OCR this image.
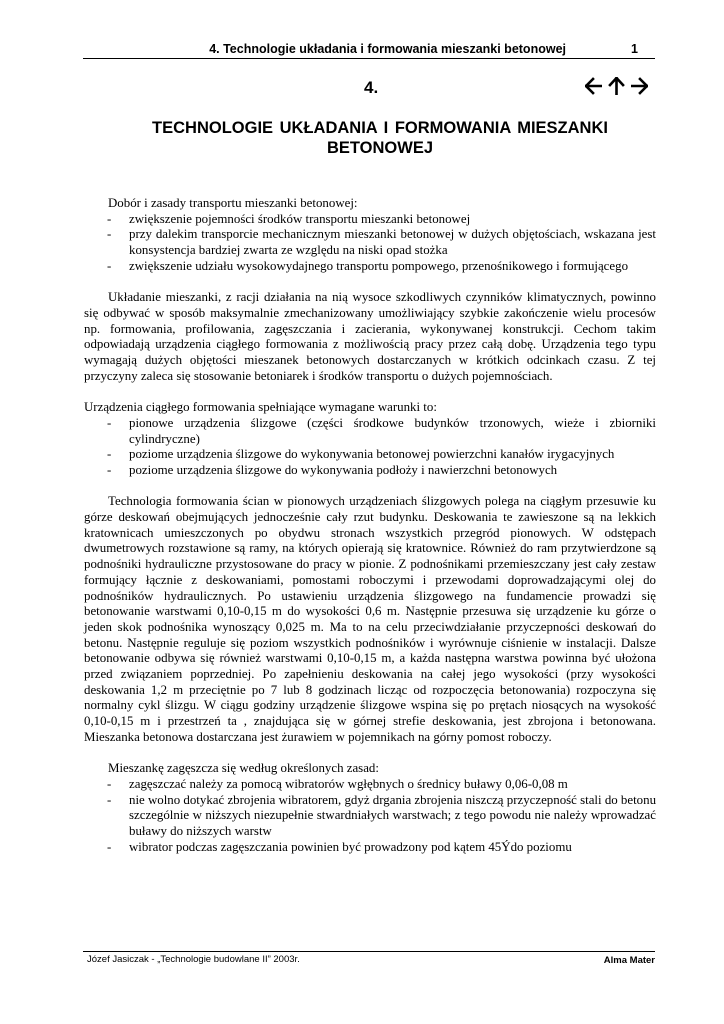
4. Technologie układania i formowania mieszanki betonowej	1
4.
TECHNOLOGIE UKŁADANIA I FORMOWANIA MIESZANKI BETONOWEJ

Dobór i zasady transportu mieszanki betonowej:

- zwiększenie pojemności środków transportu mieszanki betonowej

- przy dalekim transporcie mechanicznym mieszanki betonowej w dużych objętościach, wskazana jest konsystencja bardziej zwarta ze względu na niski opad stożka

- zwiększenie udziału wysokowydajnego transportu pompowego, przenośnikowego i formującego

Układanie mieszanki, z racji działania na nią wysoce szkodliwych czynników klimatycznych, powinno się odbywać w sposób maksymalnie zmechanizowany umożliwiający szybkie zakończenie wielu procesów np. formowania, profilowania, zagęszczania i zacierania, wykonywanej konstrukcji. Cechom takim odpowiadają urządzenia ciągłego formowania z możliwością pracy przez całą dobę. Urządzenia tego typu wymagają dużych objętości mieszanek betonowych dostarczanych w krótkich odcinkach czasu. Z tej przyczyny zaleca się stosowanie betoniarek i środków transportu o dużych pojemnościach.

Urządzenia ciągłego formowania spełniające wymagane warunki to:

- pionowe urządzenia ślizgowe (części środkowe budynków trzonowych, wieże i zbiorniki cylindryczne)

- poziome urządzenia ślizgowe do wykonywania betonowej powierzchni kanałów irygacyjnych

- poziome urządzenia ślizgowe do wykonywania podłoży i nawierzchni betonowych

Technologia formowania ścian w pionowych urządzeniach ślizgowych polega na ciągłym przesuwie ku górze deskowań obejmujących jednocześnie cały rzut budynku. Deskowania te zawieszone są na lekkich kratownicach umieszczonych po obydwu stronach wszystkich przegród pionowych. W odstępach dwumetrowych rozstawione są ramy, na których opierają się kratownice. Również do ram przytwierdzone są podnośniki hydrauliczne przystosowane do pracy w pionie. Z podnośnikami przemieszczany jest cały zestaw formujący łącznie z deskowaniami, pomostami roboczymi i przewodami doprowadzającymi olej do podnośników hydraulicznych. Po ustawieniu urządzenia ślizgowego na fundamencie prowadzi się betonowanie warstwami 0,10-0,15 m do wysokości 0,6 m. Następnie przesuwa się urządzenie ku górze o jeden skok podnośnika wynoszący 0,025 m. Ma to na celu przeciwdziałanie przyczepności deskowań do betonu. Następnie reguluje się poziom wszystkich podnośników i wyrównuje ciśnienie w instalacji. Dalsze betonowanie odbywa się również warstwami 0,10-0,15 m, a każda następna warstwa powinna być ułożona przed związaniem poprzedniej. Po zapełnieniu deskowania na całej jego wysokości (przy wysokości deskowania 1,2 m przeciętnie po 7 lub 8 godzinach licząc od rozpoczęcia betonowania) rozpoczyna się normalny cykl ślizgu. W ciągu godziny urządzenie ślizgowe wspina się po prętach niosących na wysokość 0,10-0,15 m i przestrzeń ta , znajdująca się w górnej strefie deskowania, jest zbrojona i betonowana. Mieszanka betonowa dostarczana jest żurawiem w pojemnikach na górny pomost roboczy.

Mieszankę zagęszcza się według określonych zasad:

- zagęszczać należy za pomocą wibratorów wgłębnych o średnicy buławy 0,06-0,08 m

- nie wolno dotykać zbrojenia wibratorem, gdyż drgania zbrojenia niszczą przyczepność stali do betonu szczególnie w niższych niezupełnie stwardniałych warstwach; z tego powodu nie należy wprowadzać buławy do niższych warstw

- wibrator podczas zagęszczania powinien być prowadzony pod kątem 45Ýdo poziomu

Józef Jasiczak - „Technologie budowlane II” 2003r.	Alma Mater
